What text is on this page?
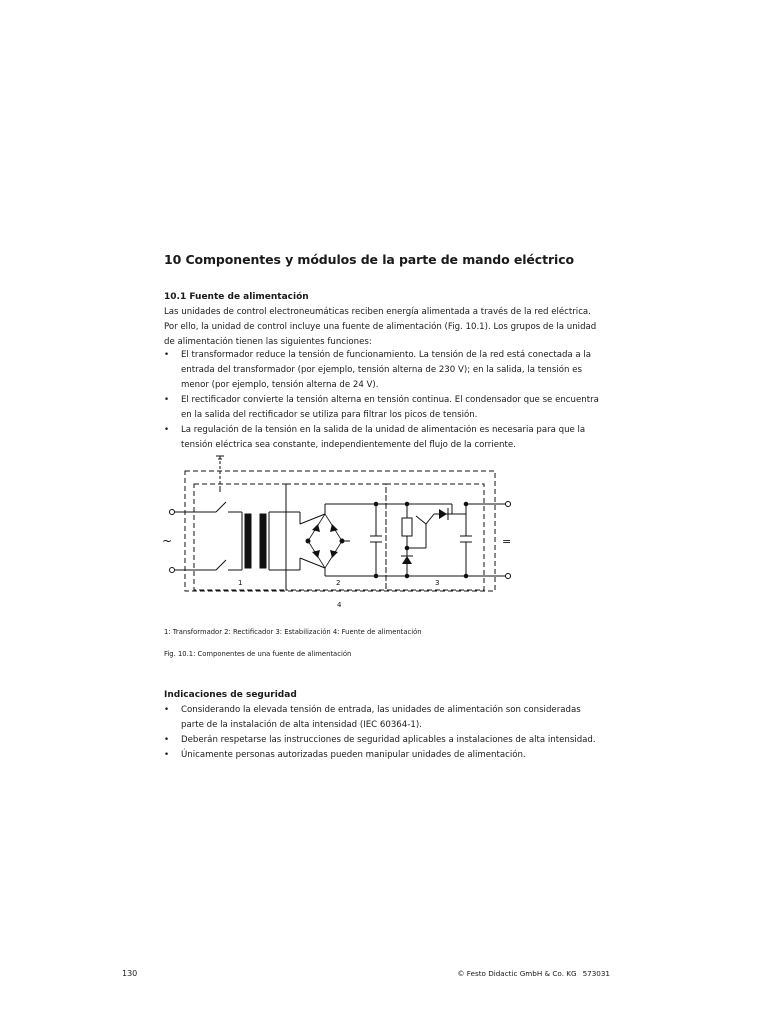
10 Componentes y módulos de la parte de mando eléctrico
10.1 Fuente de alimentación
Las unidades de control electroneumáticas reciben energía alimentada a través de la red eléctrica. Por ello, la unidad de control incluye una fuente de alimentación (Fig. 10.1). Los grupos de la unidad de alimentación tienen las siguientes funciones:
• El transformador reduce la tensión de funcionamiento. La tensión de la red está conectada a la entrada del transformador (por ejemplo, tensión alterna de 230 V); en la salida, la tensión es menor (por ejemplo, tensión alterna de 24 V).
• El rectificador convierte la tensión alterna en tensión continua. El condensador que se encuentra en la salida del rectificador se utiliza para filtrar los picos de tensión.
• La regulación de la tensión en la salida de la unidad de alimentación es necesaria para que la tensión eléctrica sea constante, independientemente del flujo de la corriente.
~	=
1	2	3
4
1: Transformador 2: Rectificador 3: Estabilización 4: Fuente de alimentación
Fig. 10.1: Componentes de una fuente de alimentación
Indicaciones de seguridad
• Considerando la elevada tensión de entrada, las unidades de alimentación son consideradas parte de la instalación de alta intensidad (IEC 60364-1).
• Deberán respetarse las instrucciones de seguridad aplicables a instalaciones de alta intensidad.
• Únicamente personas autorizadas pueden manipular unidades de alimentación.
130	© Festo Didactic GmbH & Co. KG 573031
